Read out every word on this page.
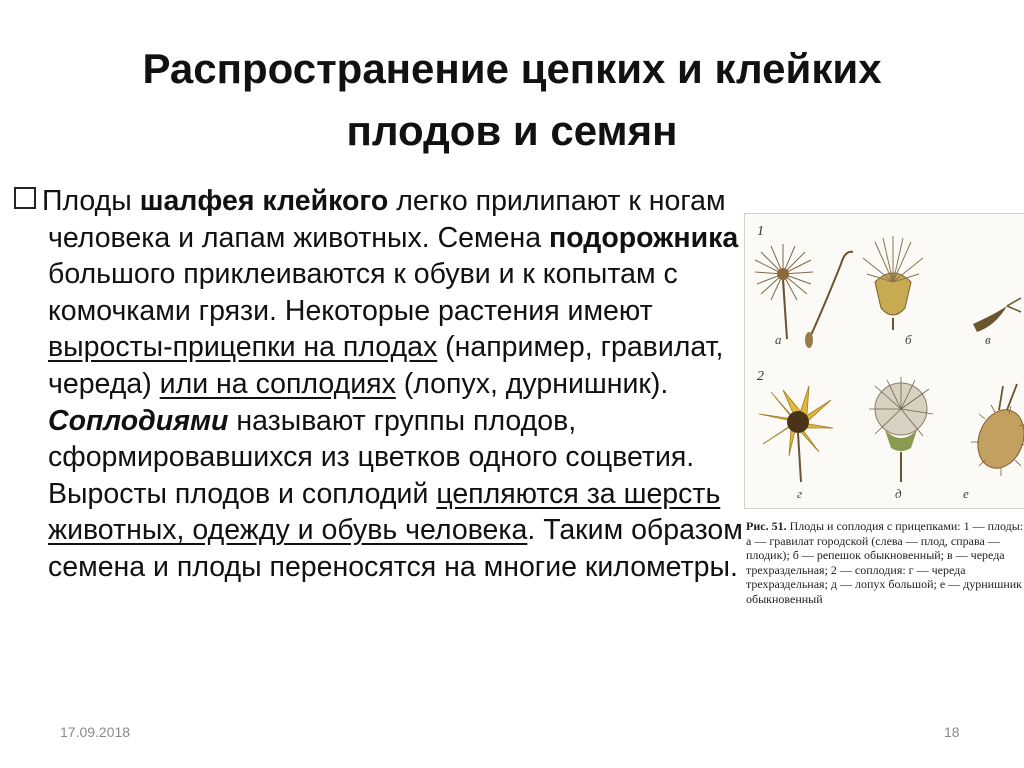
Распространение цепких и клейких
плодов и семян
Плоды шалфея клейкого легко прилипают к ногам человека и лапам животных. Семена подорожника большого приклеиваются к обуви и к копытам с комочками грязи. Некоторые растения имеют выросты-прицепки на плодах (например, гравилат, череда) или на соплодиях (лопух, дурнишник). Соплодиями называют группы плодов, сформировавшихся из цветков одного соцветия. Выросты плодов и соплодий цепляются за шерсть животных, одежду и обувь человека. Таким образом семена и плоды переносятся на многие километры.
1
2
а	б	в
г	д	е
Рис. 51. Плоды и соплодия с прицепками: 1 — плоды: а — гравилат городской (слева — плод, справа — плодик); б — репешок обыкновенный; в — череда трехраздельная; 2 — соплодия: г — череда трехраздельная; д — лопух большой; е — дурнишник обыкновенный
17.09.2018	18
